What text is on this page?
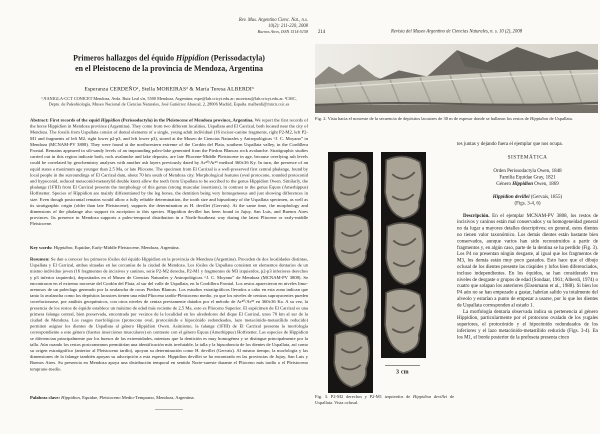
Rev. Mus. Argentino Cienc. Nat., n.s.
10(2): 211-220, 2008
Buenos Aires, ISSN 1514-5158
Primeros hallazgos del équido Hippidion (Perissodactyla)
en el Pleistoceno de la provincia de Mendoza, Argentina
Esperanza CERDEÑO¹, Stella MOREIRAS² & María Teresa ALBERDI³
¹,²IANIGLA-CCT CONICET Mendoza, Avda. Ruiz Leal s/n, 5500 Mendoza, Argentina; espe@lab.cricyt.edu.ar; moreiras@lab.cricyt.edu.ar. ³CSIC, Depto. de Paleobiología, Museo Nacional de Ciencias Naturales, José Gutiérrez Abascal, 2, 28006 Madrid, España. malberdi@mncn.csic.es
Abstract: First records of the equid Hippidion (Perissodactyla) in the Pleistocene of Mendoza province, Argentina. We report the first records of the horse Hippidion in Mendoza province (Argentina). They come from two different localities, Uspallata and El Carrizal, both located near the city of Mendoza. The fossils from Uspallata consist of dental elements of a single, young adult individual (16 incisor-canine fragments, right P2-M2, left P2-M1 and fragments of left M2, right lower p2-p3, and left lower p3), stored at the Museo de Ciencias Naturales y Antropológicas “J. C. Moyano” in Mendoza (MCNAM-PV 3808). They were found at the northwestern extreme of the Cordón del Plata, southern Uspallata valley, in the Cordillera Frontal. Remains appeared in silt-sandy levels of an impounding paleo-lake generated from the Piedras Blancas rock avalanche. Stratigraphic studies carried out in this region indicate both, rock avalanche and lake deposits, are late Pliocene-Middle Pleistocene in age, because overlying ash levels could be correlated by geochemistry analyses with another ash layers previously dated by Ar⁴⁰/Ar³⁹ method 360±36 Ky. In turn, the presence of an equid states a maximum age younger than 2.5 Ma, or late Pliocene. The specimen from El Carrizal is a well-preserved first central phalange, found by local people in the surroundings of El Carrizal dam, about 70 km south of Mendoza city. Morphological features (oval protocone, rounded protoconid and hypoconid, reduced metaconid-metastylid double knot) allow the teeth from Uspallata to be ascribed to the genus Hippidion Owen. Similarly, the phalange (1FIII) from El Carrizal presents the morphology of this genus (strong muscular insertions), in contrast to the genus Equus (Amerhippus) Hoffstetter. Species of Hippidion are mainly differentiated by the leg bones, the dentition being very homogeneous and just showing differences in size. Even though postcranial remains would allow a fully reliable determination, the tooth size and hipsodonty of the Uspallata specimen, as well as its stratigraphic origin (older than late Pleistocene), supports the determination as H. devillei (Gervais). At the same time, the morphology and dimensions of the phalange also support its ascription to this species. Hippidion devillei has been found in Jujuy, San Luis, and Buenos Aires provinces. Its presence in Mendoza supports a paleo-temporal distribution in a North-Southeast way during the latest Pliocene or early-middle Pleistocene.
Key words: Hippidion, Equidae, Early-Middle Pleistocene, Mendoza, Argentina.
Resumen: Se dan a conocer los primeros fósiles del équido Hippidion en la provincia de Mendoza (Argentina). Proceden de dos localidades distintas, Uspallata y El Carrizal, ambas situadas en las cercanías de la ciudad de Mendoza. Los fósiles de Uspallata consisten en elementos dentarios de un mismo individuo joven (16 fragmentos de incisivos y caninos, serie P2-M2 derecha, P2-M1 y fragmentos de M3 izquierdos, p2-p3 inferiores derechos y p3 inferior izquierdo), depositados en el Museo de Ciencias Naturales y Antropológicas “J. C. Moyano” de Mendoza (MCNAM-PV 3808). Se encontraron en el extremo noroeste del Cordón del Plata, al sur del valle de Uspallata, en la Cordillera Frontal. Los restos aparecieron en niveles limo-arenosos de un paleolago generado por la avalancha de rocas Piedras Blancas. Los estudios estratigráficos llevados a cabo en esta zona indican que tanto la avalancha como los depósitos lacustres tienen una edad Plioceno tardío-Pleistoceno medio, ya que los niveles de cenizas suprayacentes pueden correlacionarse, por análisis geoquímicos, con otros niveles de ceniza previamente datados por el método de Ar⁴⁰/Ar³⁹ en 360±36 Ka. A su vez, la presencia de los restos de équido establece un máximo de edad más reciente de 2,5 Ma, esto es Plioceno Superior. El espécimen de El Carrizal es una primera falange central, bien preservada, encontrada por vecinos de la localidad en los alrededores del dique El Carrizal, unos 70 km al sur de la ciudad de Mendoza. Los rasgos morfológicos (protocono oval, protocónido e hipocónido redondeados, lazo metacónido-metastílido reducido) permiten asignar los dientes de Uspallata al género Hippidion Owen. Asimismo, la falange (1FIII) de El Carrizal presenta la morfología correspondiente a este género (fuertes inserciones musculares) en contraste con el género Equus (Amerhippus) Hoffstetter. Las especies de Hippidion se diferencian principalmente por los huesos de las extremidades, mientras que la dentición es muy homogénea y se distingue principalmente por la talla. Aún cuando los restos postcraneanos permitirían una identificación más irrefutable, la talla y la hipsodoncia de los dientes de Uspallata, así como su origen estratigráfico (anterior al Pleistoceno tardío), apoyan su determinación como H. devillei (Gervais). Al mismo tiempo, la morfología y las dimensiones de la falange también apoyan su adscripción a esta especie. Hippidion devillei se ha encontrado en las provincias de Jujuy, San Luis y Buenos Aires. Su presencia en Mendoza apoya una distribución temporal en sentido Norte-sureste durante el Plioceno más tardío o el Pleistoceno temprano-medio.
Palabras clave: Hippidion, Equidae, Pleistoceno Medio-Temprano, Mendoza, Argentina.
214	Revista del Museo Argentino de Ciencias Naturales, n. s. 10 (2), 2008
Fig. 2. Vista hacia el noroeste de la secuencia de depósitos lacustres de 30 m de espesor donde se hallaron los restos de Hippidion de Uspallata.
3 cm
Fig. 3. P2-M2 derechos y P2-M1 izquierdos de Hippidion devillei de Uspallata. Vista oclusal.

tes juntas y dejando fuera el ejemplar que nos ocupa.

SISTEMÁTICA

Orden Perissodactyla Owen, 1848
Familia Equidae Gray, 1821
Género Hippidion Owen, 1869

Hippidion devillei (Gervais, 1855)
(Figs. 3-4, 6)

Descripción. En el ejemplar MCNAM-PV 3808, los restos de incisivos y caninos están mal conservados y su homogeneidad general no da lugar a mayores detalles descriptivos; en general, estos dientes no tienen valor taxonómico. Los demás dientes están bastante bien conservados, aunque varios han sido reconstruidos a partir de fragmentos y, en algún caso, parte de la dentina se ha perdido (Fig. 3). Los P4 no presentan ningún desgaste, al igual que los fragmentos de M3, los demás están muy poco gastados. Esto hace que el dibujo oclusal de los dientes presente las cúspides y lofos bien diferenciados, incluso independientes. En los équidos, se han considerado tres niveles de desgaste o grupos de edad (Sondaar, 1961; Alberdi, 1974) o cuatro que solapan los anteriores (Eisenmann et al., 1988). Si bien los P4 aún no se han empezado a gastar, habrían salido ya totalmente del alveolo y estarían a punto de empezar a usarse, por lo que los dientes de Uspallata corresponden al estado 1.

La morfología dentaria observada indica su pertenencia al género Hippidion, particularmente por el protocono ovalado de los yugales superiores, el protocónido y el hipocónido redondeados de los inferiores y el lazo metacónido-metastílido reducido (Figs. 3-4). En los M1, el borde posterior de la prefoseta presenta cinco
